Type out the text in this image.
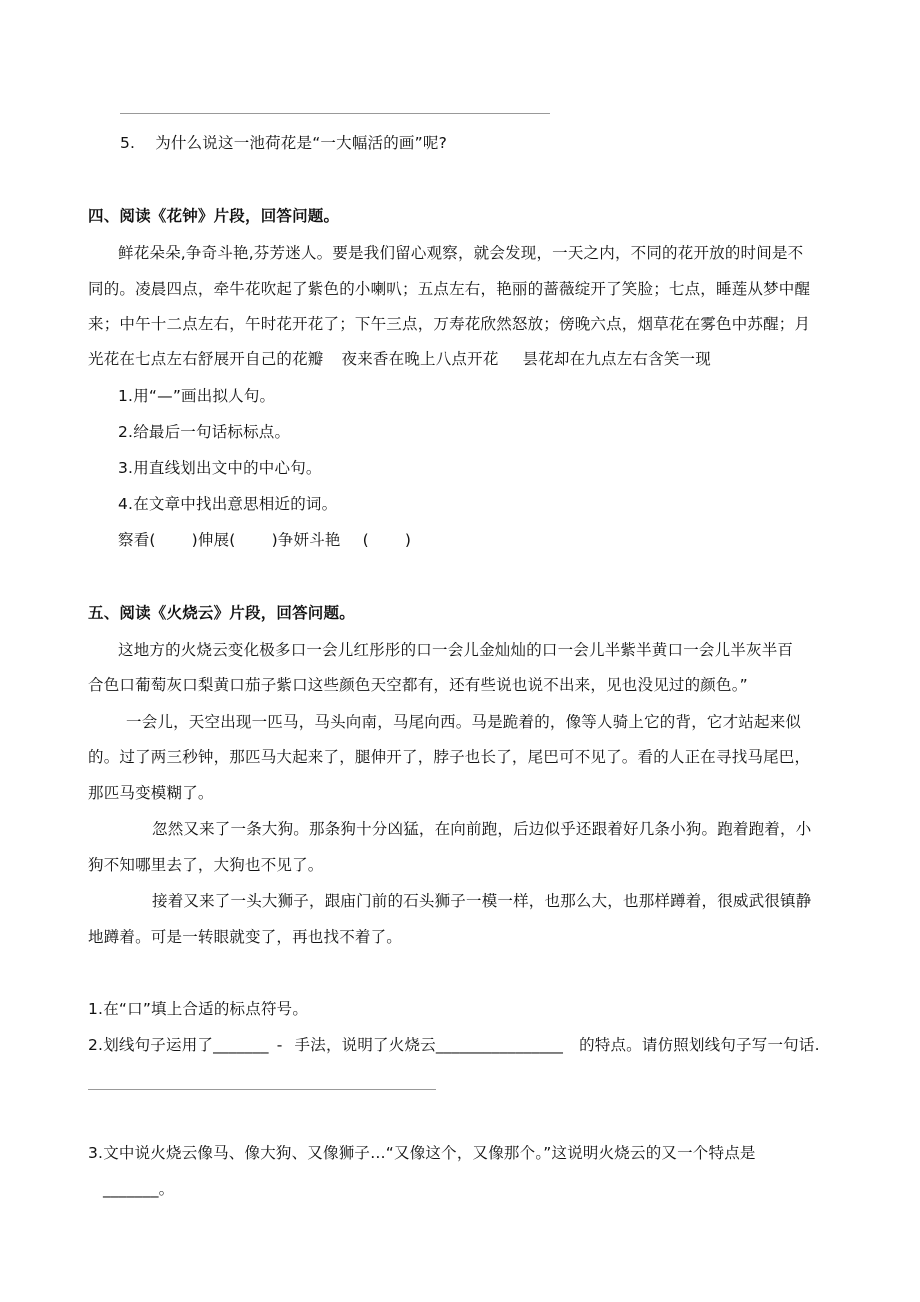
5. 为什么说这一池荷花是“一大幅活的画”呢?
四、阅读《花钟》片段，回答问题。
鲜花朵朵,争奇斗艳,芬芳迷人。要是我们留心观察，就会发现，一天之内，不同的花开放的时间是不
同的。凌晨四点，牵牛花吹起了紫色的小喇叭；五点左右，艳丽的蔷薇绽开了笑脸；七点，睡莲从梦中醒
来；中午十二点左右，午时花开花了；下午三点，万寿花欣然怒放；傍晚六点，烟草花在雾色中苏醒；月
光花在七点左右舒展开自己的花瓣 夜来香在晚上八点开花 昙花却在九点左右含笑一现
1.用“—”画出拟人句。
2.给最后一句话标标点。
3.用直线划出文中的中心句。
4.在文章中找出意思相近的词。
察看( )伸展( )争妍斗艳 ( )
五、阅读《火烧云》片段，回答问题。
这地方的火烧云变化极多口一会儿红彤彤的口一会儿金灿灿的口一会儿半紫半黄口一会儿半灰半百
合色口葡萄灰口梨黄口茄子紫口这些颜色天空都有，还有些说也说不出来，见也没见过的颜色。”
一会儿，天空出现一匹马，马头向南，马尾向西。马是跪着的，像等人骑上它的背，它才站起来似
的。过了两三秒钟，那匹马大起来了，腿伸开了，脖子也长了，尾巴可不见了。看的人正在寻找马尾巴，
那匹马变模糊了。
忽然又来了一条大狗。那条狗十分凶猛，在向前跑，后边似乎还跟着好几条小狗。跑着跑着，小
狗不知哪里去了，大狗也不见了。
接着又来了一头大狮子，跟庙门前的石头狮子一模一样，也那么大，也那样蹲着，很威武很镇静
地蹲着。可是一转眼就变了，再也找不着了。
1.在“口”填上合适的标点符号。
2.划线句子运用了_______ - 手法，说明了火烧云________________ 的特点。请仿照划线句子写一句话.
3.文中说火烧云像马、像大狗、又像狮子…“又像这个，又像那个。”这说明火烧云的又一个特点是
_______。
